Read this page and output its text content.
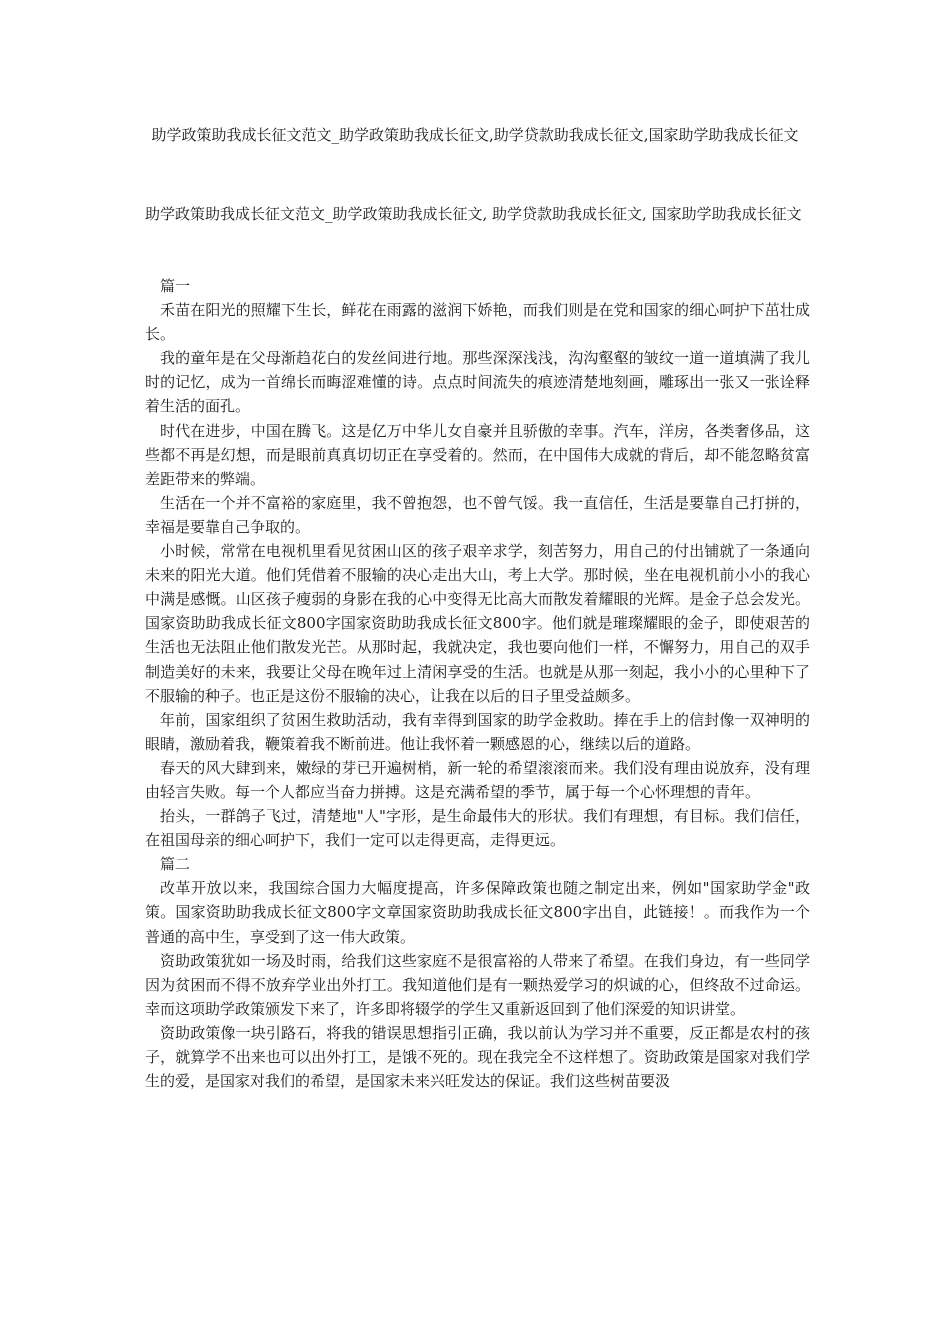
助学政策助我成长征文范文_助学政策助我成长征文,助学贷款助我成长征文,国家助学助我成长征文
助学政策助我成长征文范文_助学政策助我成长征文, 助学贷款助我成长征文, 国家助学助我成长征文

篇一

禾苗在阳光的照耀下生长，鲜花在雨露的滋润下娇艳，而我们则是在党和国家的细心呵护下茁壮成长。

我的童年是在父母渐趋花白的发丝间进行地。那些深深浅浅，沟沟壑壑的皱纹一道一道填满了我儿时的记忆，成为一首绵长而晦涩难懂的诗。点点时间流失的痕迹清楚地刻画，雕琢出一张又一张诠释着生活的面孔。

时代在进步，中国在腾飞。这是亿万中华儿女自豪并且骄傲的幸事。汽车，洋房，各类奢侈品，这些都不再是幻想，而是眼前真真切切正在享受着的。然而，在中国伟大成就的背后，却不能忽略贫富差距带来的弊端。

生活在一个并不富裕的家庭里，我不曾抱怨，也不曾气馁。我一直信任，生活是要靠自己打拼的，幸福是要靠自己争取的。

小时候，常常在电视机里看见贫困山区的孩子艰辛求学，刻苦努力，用自己的付出铺就了一条通向未来的阳光大道。他们凭借着不服输的决心走出大山，考上大学。那时候，坐在电视机前小小的我心中满是感慨。山区孩子瘦弱的身影在我的心中变得无比高大而散发着耀眼的光辉。是金子总会发光。国家资助助我成长征文800字国家资助助我成长征文800字。他们就是璀璨耀眼的金子，即使艰苦的生活也无法阻止他们散发光芒。从那时起，我就决定，我也要向他们一样，不懈努力，用自己的双手制造美好的未来，我要让父母在晚年过上清闲享受的生活。也就是从那一刻起，我小小的心里种下了不服输的种子。也正是这份不服输的决心，让我在以后的日子里受益颇多。

年前，国家组织了贫困生救助活动，我有幸得到国家的助学金救助。捧在手上的信封像一双神明的眼睛，激励着我，鞭策着我不断前进。他让我怀着一颗感恩的心，继续以后的道路。

春天的风大肆到来，嫩绿的芽已开遍树梢，新一轮的希望滚滚而来。我们没有理由说放弃，没有理由轻言失败。每一个人都应当奋力拼搏。这是充满希望的季节，属于每一个心怀理想的青年。

抬头，一群鸽子飞过，清楚地"人"字形，是生命最伟大的形状。我们有理想，有目标。我们信任，在祖国母亲的细心呵护下，我们一定可以走得更高，走得更远。

篇二

改革开放以来，我国综合国力大幅度提高，许多保障政策也随之制定出来，例如"国家助学金"政策。国家资助助我成长征文800字文章国家资助助我成长征文800字出自，此链接！。而我作为一个普通的高中生，享受到了这一伟大政策。

资助政策犹如一场及时雨，给我们这些家庭不是很富裕的人带来了希望。在我们身边，有一些同学因为贫困而不得不放弃学业出外打工。我知道他们是有一颗热爱学习的炽诚的心，但终敌不过命运。幸而这项助学政策颁发下来了，许多即将辍学的学生又重新返回到了他们深爱的知识讲堂。

资助政策像一块引路石，将我的错误思想指引正确，我以前认为学习并不重要，反正都是农村的孩子，就算学不出来也可以出外打工，是饿不死的。现在我完全不这样想了。资助政策是国家对我们学生的爱，是国家对我们的希望，是国家未来兴旺发达的保证。我们这些树苗要汲
